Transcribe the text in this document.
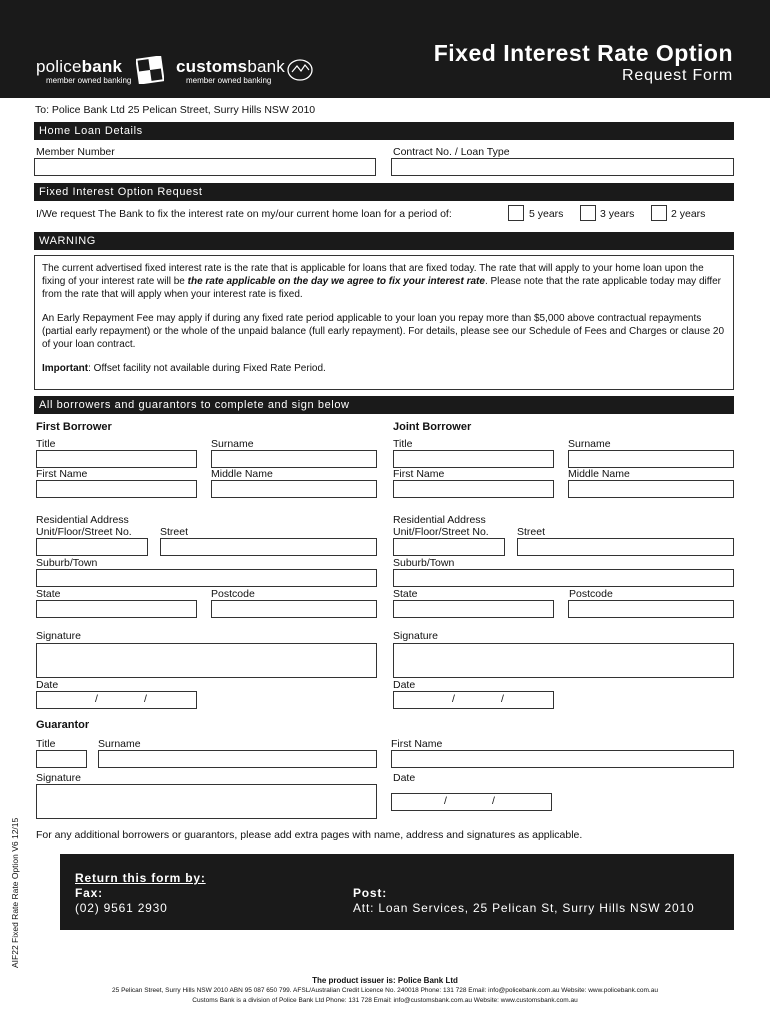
policebank
member owned banking
customsbank
member owned banking
Fixed Interest Rate Option
Request Form
To: Police Bank Ltd 25 Pelican Street, Surry Hills NSW 2010
Home Loan Details
Member Number	Contract No. / Loan Type
Fixed Interest Option Request
I/We request The Bank to fix the interest rate on my/our current home loan for a period of:	5 years	3 years	2 years
WARNING

The current advertised fixed interest rate is the rate that is applicable for loans that are fixed today. The rate that will apply to your home loan upon the fixing of your interest rate will be the rate applicable on the day we agree to fix your interest rate. Please note that the rate applicable today may differ from the rate that will apply when your interest rate is fixed.

An Early Repayment Fee may apply if during any fixed rate period applicable to your loan you repay more than $5,000 above contractual repayments (partial early repayment) or the whole of the unpaid balance (full early repayment). For details, please see our Schedule of Fees and Charges or clause 20 of your loan contract.

Important: Offset facility not available during Fixed Rate Period.

All borrowers and guarantors to complete and sign below
First Borrower
Title	Surname
First Name	Middle Name
Residential Address
Unit/Floor/Street No.	Street
Suburb/Town
State	Postcode
Signature
Date
/	/
Joint Borrower
Title	Surname
First Name	Middle Name
Residential Address
Unit/Floor/Street No.	Street
Suburb/Town
State	Postcode
Signature
Date
/	/
Guarantor
Title	Surname	First Name
Signature	Date
/	/
For any additional borrowers or guarantors, please add extra pages with name, address and signatures as applicable.
Return this form by:
Fax:
(02) 9561 2930
Post:
Att: Loan Services, 25 Pelican St, Surry Hills NSW 2010
AIF22 Fixed Rate Rate Option V6 12/15
The product issuer is: Police Bank Ltd
25 Pelican Street, Surry Hills NSW 2010 ABN 95 087 650 799. AFSL/Australian Credit Licence No. 240018 Phone: 131 728 Email: info@policebank.com.au Website: www.policebank.com.au
Customs Bank is a division of Police Bank Ltd Phone: 131 728 Email: info@customsbank.com.au Website: www.customsbank.com.au
